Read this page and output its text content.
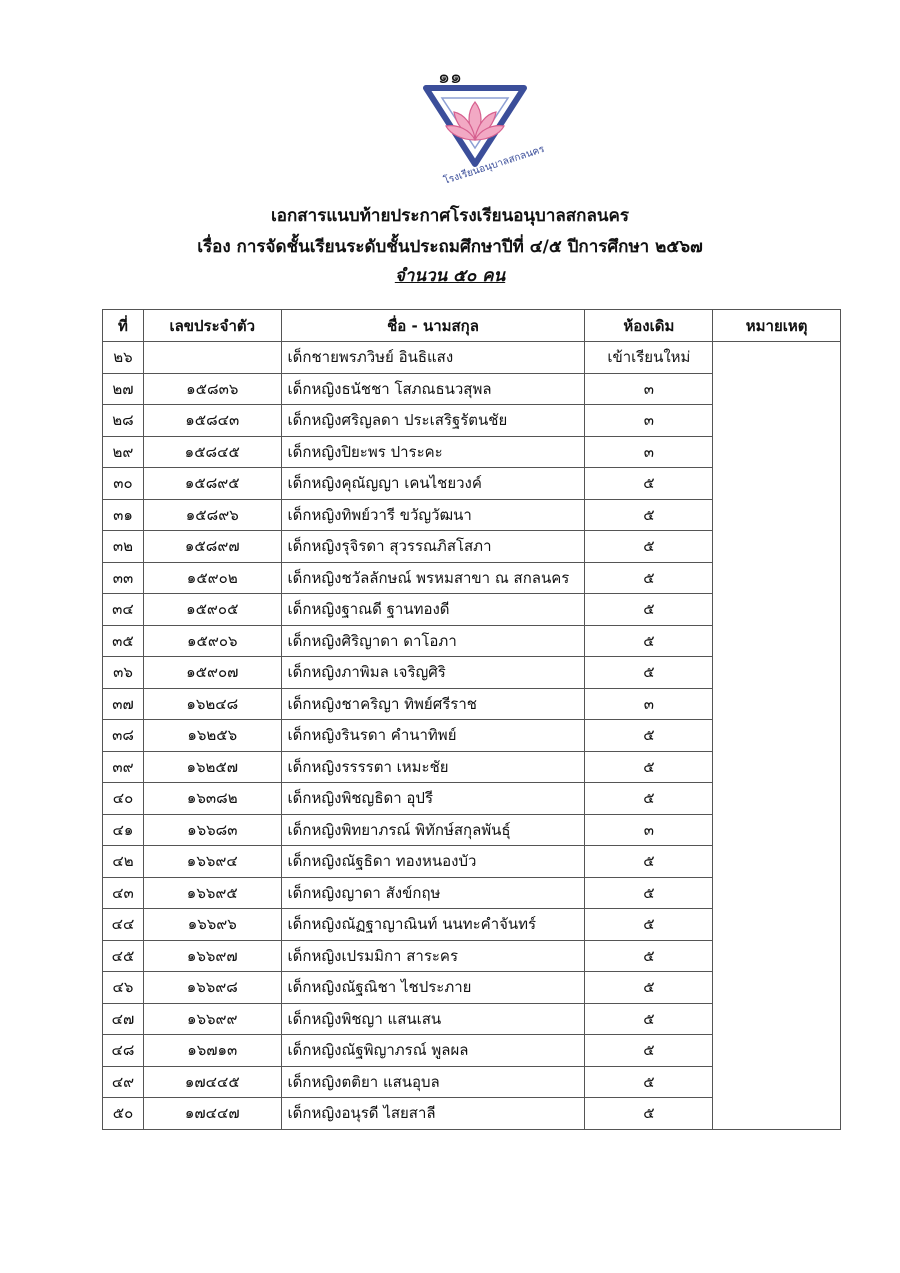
๑๑
โรงเรียนอนุบาลสกลนคร
เอกสารแนบท้ายประกาศโรงเรียนอนุบาลสกลนคร
เรื่อง การจัดชั้นเรียนระดับชั้นประถมศึกษาปีที่ ๔/๕ ปีการศึกษา ๒๕๖๗
จำนวน ๕๐ คน
ที่	เลขประจำตัว	ชื่อ - นามสกุล	ห้องเดิม	หมายเหตุ
๒๖		เด็กชายพรภวิษย์ อินธิแสง	เข้าเรียนใหม่	
๒๗	๑๕๘๓๖	เด็กหญิงธนัชชา โสภณธนวสุพล	๓	
๒๘	๑๕๘๔๓	เด็กหญิงศริญลดา ประเสริฐรัตนชัย	๓	
๒๙	๑๕๘๔๕	เด็กหญิงปิยะพร ปาระคะ	๓	
๓๐	๑๕๘๙๕	เด็กหญิงคุณัญญา เคนไชยวงค์	๕	
๓๑	๑๕๘๙๖	เด็กหญิงทิพย์วารี ขวัญวัฒนา	๕	
๓๒	๑๕๘๙๗	เด็กหญิงรุจิรดา สุวรรณภิสโสภา	๕	
๓๓	๑๕๙๐๒	เด็กหญิงชวัลลักษณ์ พรหมสาขา ณ สกลนคร	๕	
๓๔	๑๕๙๐๕	เด็กหญิงฐาณดี ฐานทองดี	๕	
๓๕	๑๕๙๐๖	เด็กหญิงศิริญาดา ดาโอภา	๕	
๓๖	๑๕๙๐๗	เด็กหญิงภาพิมล เจริญศิริ	๕	
๓๗	๑๖๒๔๘	เด็กหญิงชาคริญา ทิพย์ศรีราช	๓	
๓๘	๑๖๒๕๖	เด็กหญิงรินรดา คำนาทิพย์	๕	
๓๙	๑๖๒๕๗	เด็กหญิงรรรรตา เหมะชัย	๕	
๔๐	๑๖๓๘๒	เด็กหญิงพิชญธิดา อุปรี	๕	
๔๑	๑๖๖๘๓	เด็กหญิงพิทยาภรณ์ พิทักษ์สกุลพันธุ์	๓	
๔๒	๑๖๖๙๔	เด็กหญิงณัฐธิดา ทองหนองบัว	๕	
๔๓	๑๖๖๙๕	เด็กหญิงญาดา สังข์กฤษ	๕	
๔๔	๑๖๖๙๖	เด็กหญิงณัฏฐาญาณินท์ นนทะคำจันทร์	๕	
๔๕	๑๖๖๙๗	เด็กหญิงเปรมมิกา สาระคร	๕	
๔๖	๑๖๖๙๘	เด็กหญิงณัฐณิชา ไชประภาย	๕	
๔๗	๑๖๖๙๙	เด็กหญิงพิชญา แสนเสน	๕	
๔๘	๑๖๗๑๓	เด็กหญิงณัฐพิญาภรณ์ พูลผล	๕	
๔๙	๑๗๔๔๕	เด็กหญิงตติยา แสนอุบล	๕	
๕๐	๑๗๔๔๗	เด็กหญิงอนุรดี ไสยสาลี	๕	
